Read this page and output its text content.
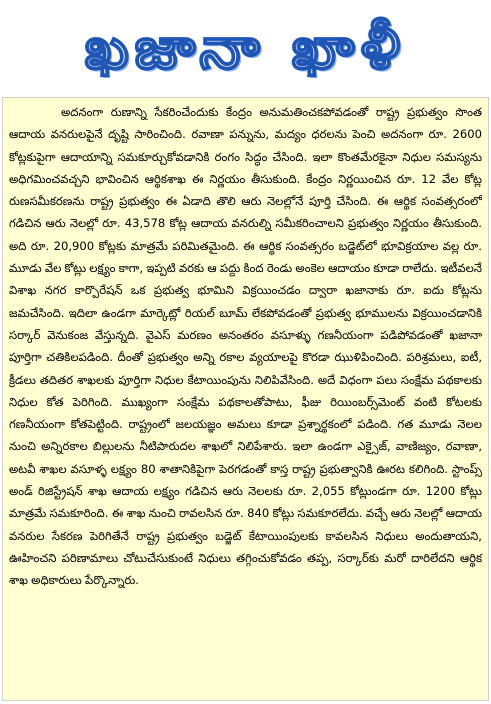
ఖజానా ఖాళీ

అదనంగా రుణాన్ని సేకరించేందుకు కేంద్రం అనుమతించకపోవడంతో రాష్ట్ర ప్రభుత్వం సొంత ఆదాయ వనరులపైనే దృష్టి సారించింది. రవాణా పన్నును, మద్యం ధరలను పెంచి అదనంగా రూ. 2600 కోట్లకుపైగా ఆదాయాన్ని సమకూర్చుకోవడానికి రంగం సిద్ధం చేసింది. ఇలా కొంతమేరకైనా నిధుల సమస్యను అధిగమించవచ్చని భావించిన ఆర్థికశాఖ ఈ నిర్ణయం తీసుకుంది. కేంద్రం నిర్ణయించిన రూ. 12 వేల కోట్ల రుణసమీకరణను రాష్ట్ర ప్రభుత్వం ఈ ఏడాది తొలి ఆరు నెలల్లోనే పూర్తి చేసింది. ఈ ఆర్థిక సంవత్సరంలో గడిచిన ఆరు నెలల్లో రూ. 43,578 కోట్ల ఆదాయ వనరుల్ని సమీకరించాలని ప్రభుత్వం నిర్ణయం తీసుకుంది. అది రూ. 20,900 కోట్లకు మాత్రమే పరిమితమైంది. ఈ ఆర్థిక సంవత్సరం బడ్జెట్‌లో భూవిక్రయాల వల్ల రూ. మూడు వేల కోట్లు లక్ష్యం కాగా, ఇప్పటి వరకు ఆ పద్దు కింద రెండు అంకెల ఆదాయం కూడా రాలేదు. ఇటీవలనే విశాఖ నగర కార్పొరేషన్ ఒక ప్రభుత్వ భూమిని విక్రయించడం ద్వారా ఖజానాకు రూ. ఐదు కోట్లను జమచేసింది. ఇదిలా ఉండగా మార్కెట్లో రియల్ బూమ్ లేకపోవడంతో ప్రభుత్వ భూములను విక్రయించడానికి సర్కార్ వెనుకంజ వేస్తున్నది. వైఎస్ మరణం అనంతరం వసూళ్ళు గణనీయంగా పడిపోవడంతో ఖజానా పూర్తిగా చతికిలపడింది. దీంతో ప్రభుత్వం అన్ని రకాల వ్యయాలపై కొరడా ఝుళిపించింది. పరిశ్రమలు, ఐటీ, క్రీడలు తదితర శాఖలకు పూర్తిగా నిధుల కేటాయింపును నిలిపివేసింది. అదే విధంగా పలు సంక్షేమ పథకాలకు నిధుల కోత పెరిగింది. ముఖ్యంగా సంక్షేమ పథకాలతోపాటు, ఫీజు రియింబర్స్‌మెంట్ వంటి కోటలకు గణనీయంగా కోతపెట్టింది. రాష్ట్రంలో జలయజ్ఞం అమలు కూడా ప్రశ్నార్థకంలో పడింది. గత మూడు నెలల నుంచి అన్నిరకాల బిల్లులను నీటిపారుదల శాఖలో నిలిపేశారు. ఇలా ఉండగా ఎక్సైజ్, వాణిజ్యం, రవాణా, అటవీ శాఖల వసూళ్ళ లక్ష్యం 80 శాతానికిపైగా పెరగడంతో కాస్త రాష్ట్ర ప్రభుత్వానికి ఊరట కలిగింది. స్టాంప్స్ అండ్ రిజిస్ట్రేషన్ శాఖ ఆదాయ లక్ష్యం గడిచిన ఆరు నెలలకు రూ. 2,055 కోట్లుండగా రూ. 1200 కోట్లు మాత్రమే సమకూరింది. ఈ శాఖ నుంచి రావలసిన రూ. 840 కోట్లు సమకూరలేదు. వచ్చే ఆరు నెలల్లో ఆదాయ వనరుల సేకరణ పెరిగితేనే రాష్ట్ర ప్రభుత్వం బడ్జెట్ కేటాయింపులకు కావలసిన నిధులు అందుతాయని, ఊహించని పరిణామాలు చోటుచేసుకుంటే నిధులు తగ్గించుకోవడం తప్ప, సర్కార్‌కు మరో దారిలేదని ఆర్థిక శాఖ అధికారులు పేర్కొన్నారు.
